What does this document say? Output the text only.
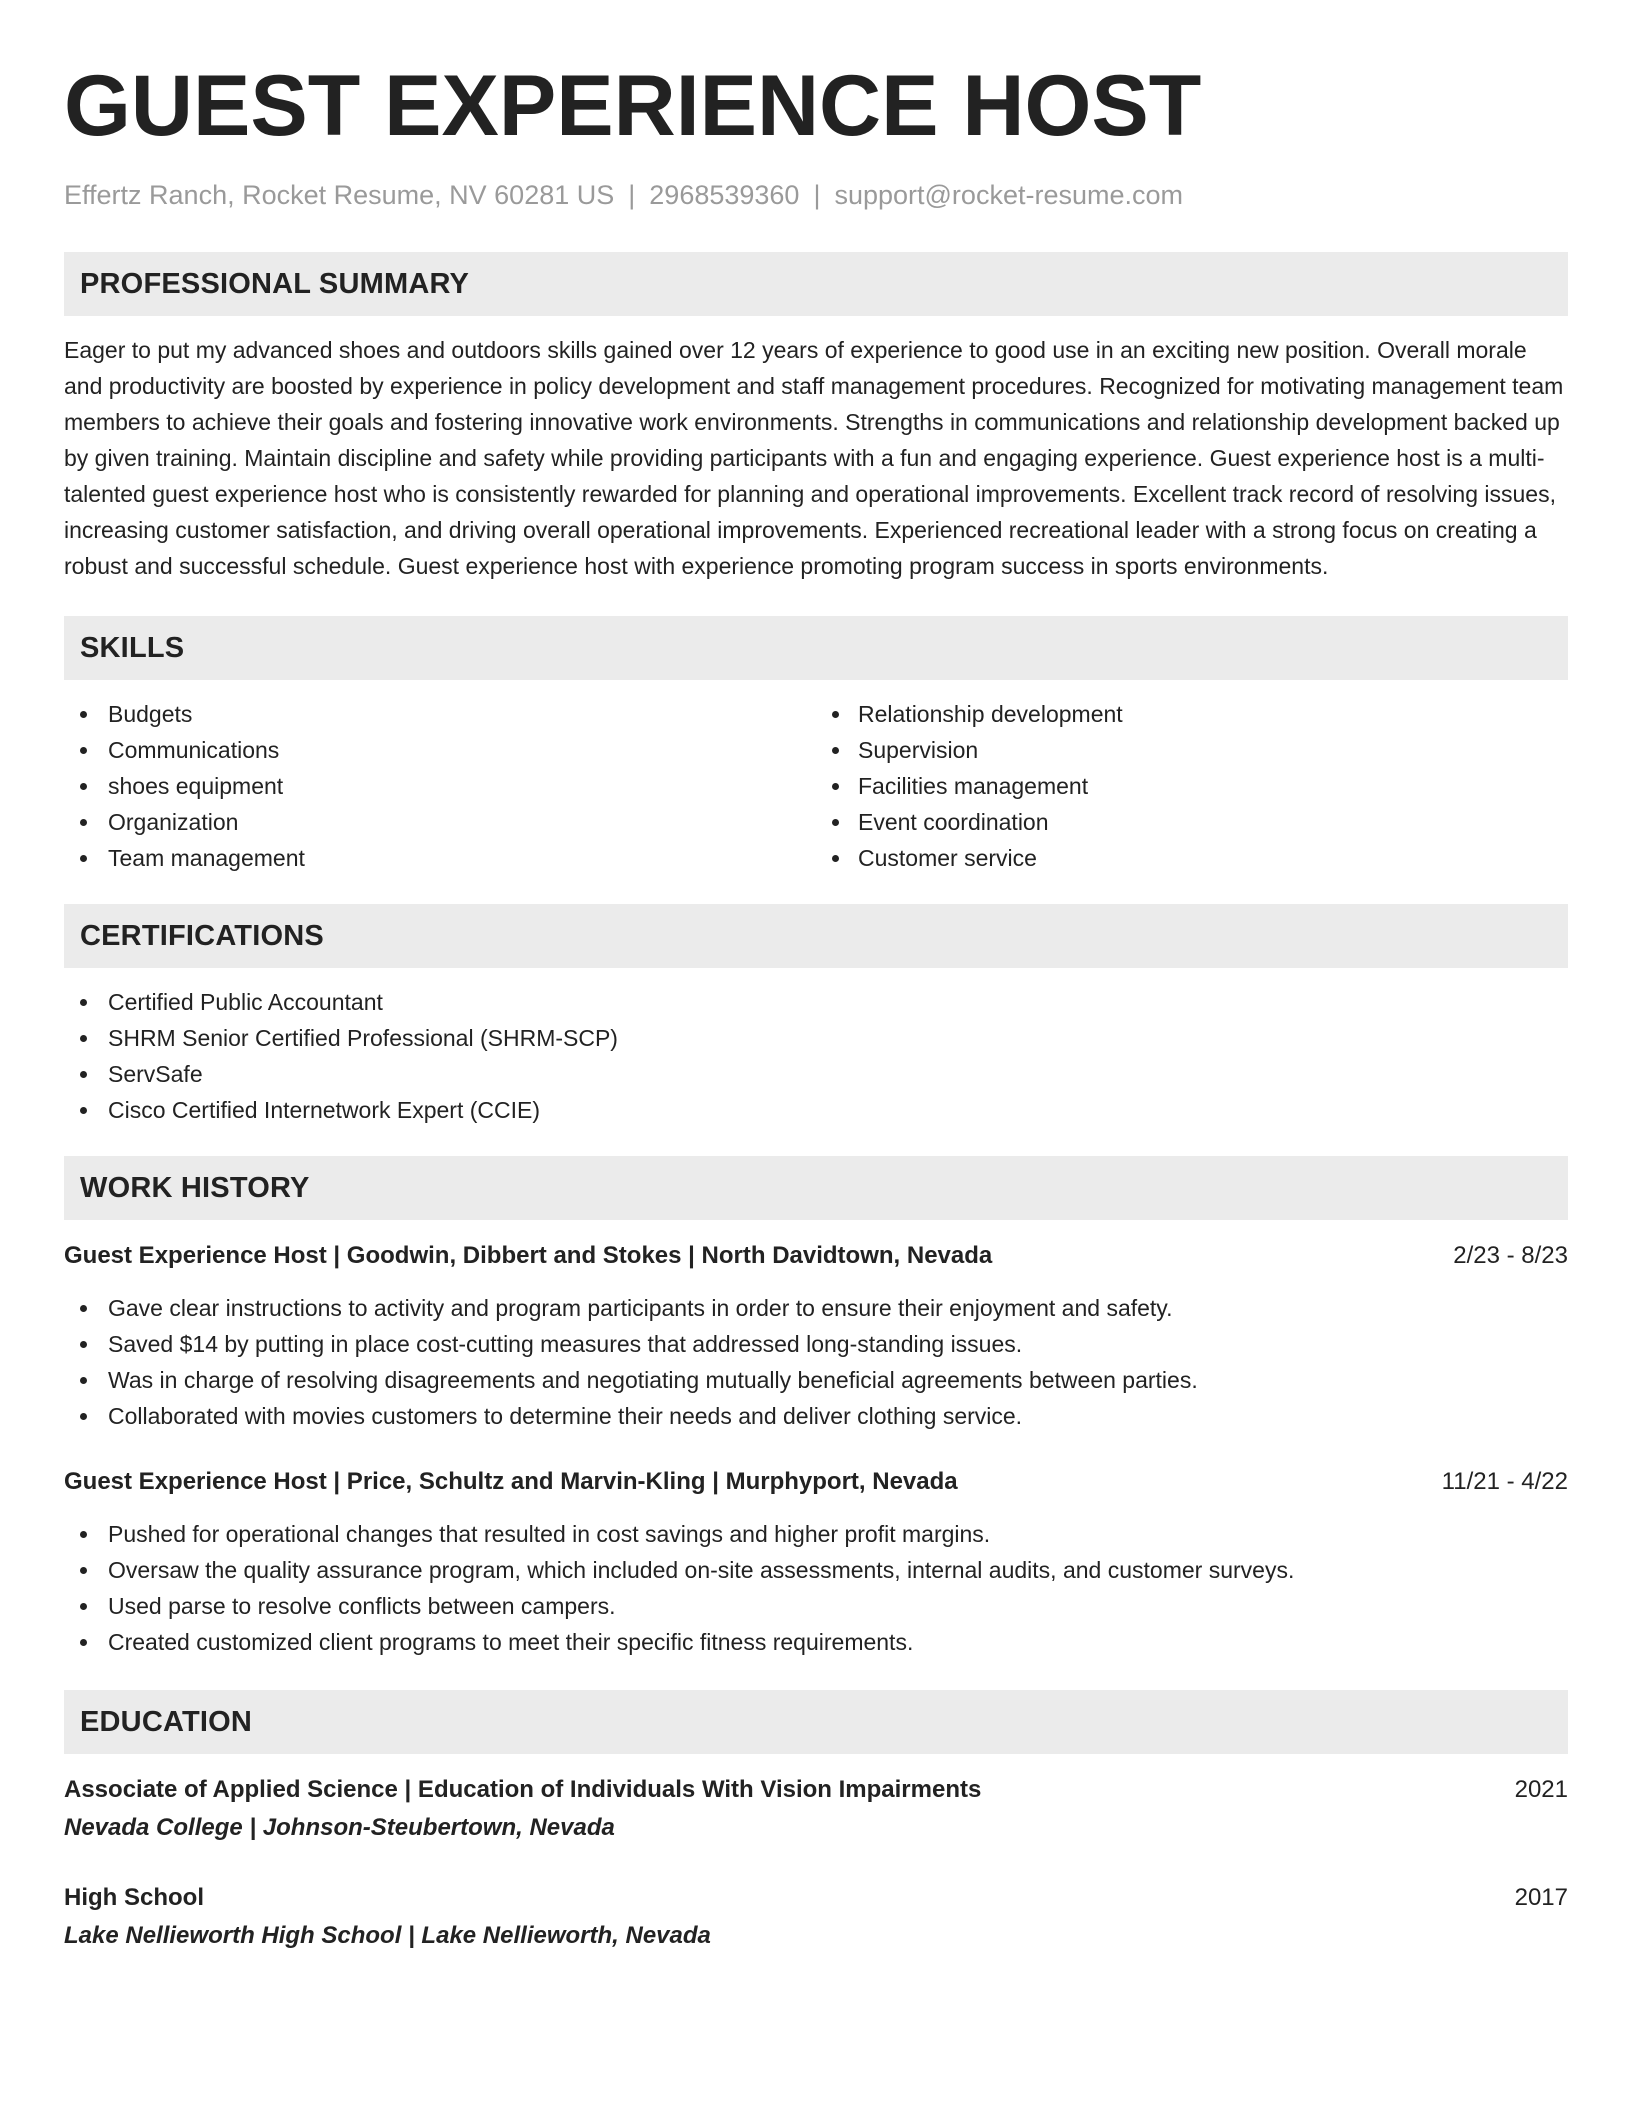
GUEST EXPERIENCE HOST
Effertz Ranch, Rocket Resume, NV 60281 US | 2968539360 | support@rocket-resume.com
PROFESSIONAL SUMMARY
Eager to put my advanced shoes and outdoors skills gained over 12 years of experience to good use in an exciting new position. Overall morale and productivity are boosted by experience in policy development and staff management procedures. Recognized for motivating management team members to achieve their goals and fostering innovative work environments. Strengths in communications and relationship development backed up by given training. Maintain discipline and safety while providing participants with a fun and engaging experience. Guest experience host is a multi-talented guest experience host who is consistently rewarded for planning and operational improvements. Excellent track record of resolving issues, increasing customer satisfaction, and driving overall operational improvements. Experienced recreational leader with a strong focus on creating a robust and successful schedule. Guest experience host with experience promoting program success in sports environments.
SKILLS
Budgets
Communications
shoes equipment
Organization
Team management
Relationship development
Supervision
Facilities management
Event coordination
Customer service
CERTIFICATIONS
Certified Public Accountant
SHRM Senior Certified Professional (SHRM-SCP)
ServSafe
Cisco Certified Internetwork Expert (CCIE)
WORK HISTORY
Guest Experience Host | Goodwin, Dibbert and Stokes | North Davidtown, Nevada	2/23 - 8/23
Gave clear instructions to activity and program participants in order to ensure their enjoyment and safety.
Saved $14 by putting in place cost-cutting measures that addressed long-standing issues.
Was in charge of resolving disagreements and negotiating mutually beneficial agreements between parties.
Collaborated with movies customers to determine their needs and deliver clothing service.
Guest Experience Host | Price, Schultz and Marvin-Kling | Murphyport, Nevada	11/21 - 4/22
Pushed for operational changes that resulted in cost savings and higher profit margins.
Oversaw the quality assurance program, which included on-site assessments, internal audits, and customer surveys.
Used parse to resolve conflicts between campers.
Created customized client programs to meet their specific fitness requirements.
EDUCATION
Associate of Applied Science | Education of Individuals With Vision Impairments	2021
Nevada College | Johnson-Steubertown, Nevada
High School	2017
Lake Nellieworth High School | Lake Nellieworth, Nevada
